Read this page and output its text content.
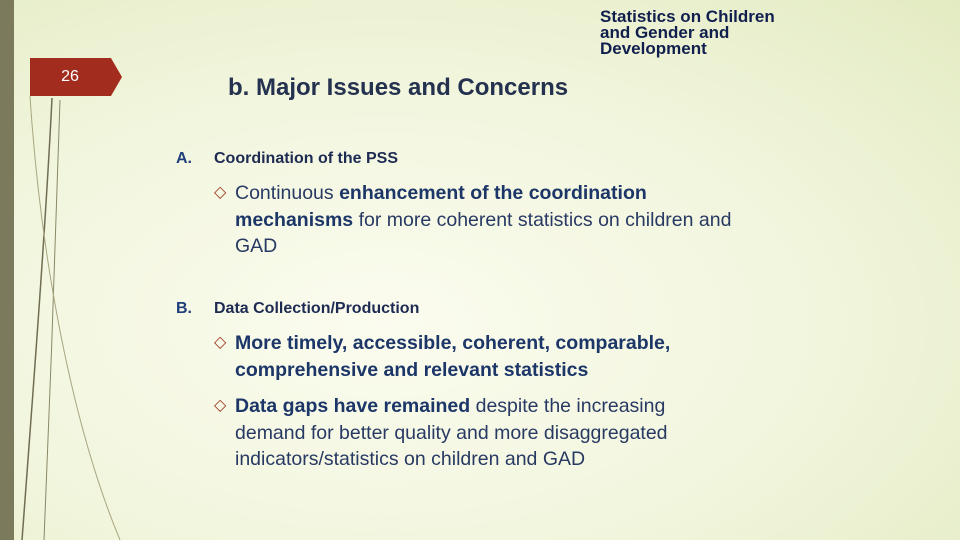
26
Statistics on Children
and Gender and
Development
b. Major Issues and Concerns
A. Coordination of the PSS
◇ Continuous enhancement of the coordination
mechanisms for more coherent statistics on children and
GAD
B. Data Collection/Production
◇ More timely, accessible, coherent, comparable,
comprehensive and relevant statistics
◇ Data gaps have remained despite the increasing
demand for better quality and more disaggregated
indicators/statistics on children and GAD
